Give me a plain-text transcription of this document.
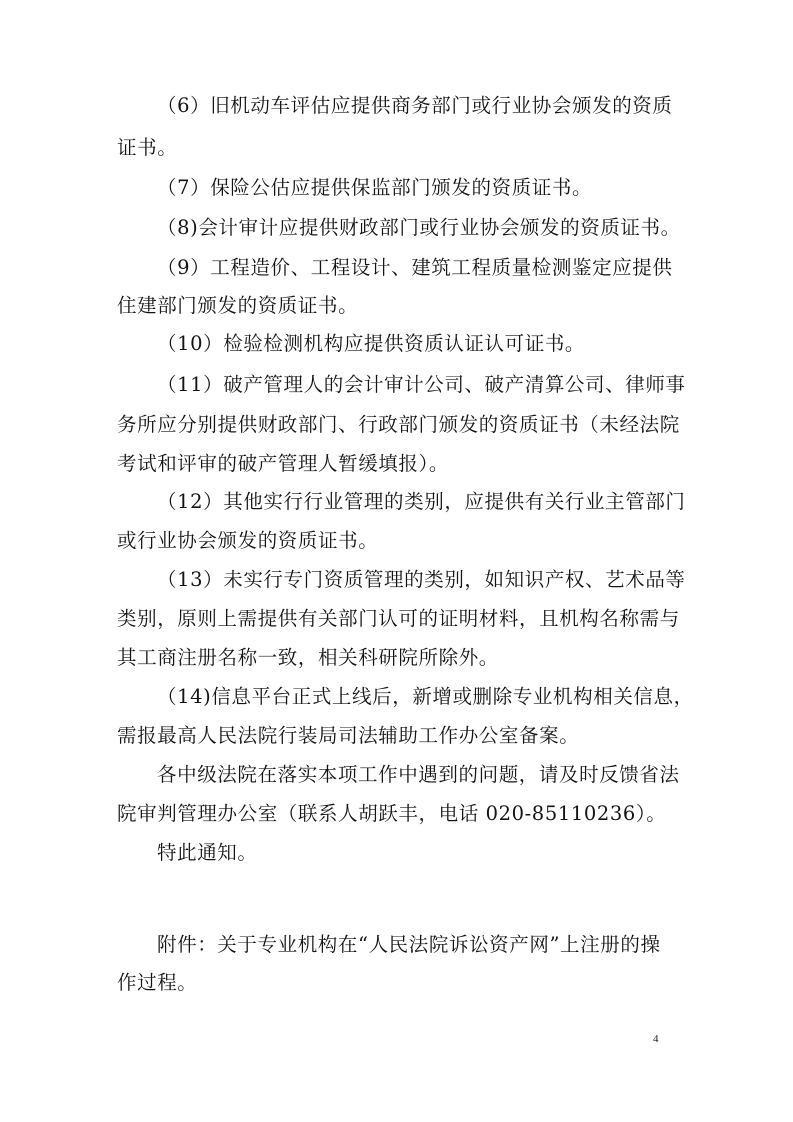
（6）旧机动车评估应提供商务部门或行业协会颁发的资质

证书。

（7）保险公估应提供保监部门颁发的资质证书。

（8)会计审计应提供财政部门或行业协会颁发的资质证书。

（9）工程造价、工程设计、建筑工程质量检测鉴定应提供

住建部门颁发的资质证书。

（10）检验检测机构应提供资质认证认可证书。

（11）破产管理人的会计审计公司、破产清算公司、律师事

务所应分别提供财政部门、行政部门颁发的资质证书（未经法院

考试和评审的破产管理人暂缓填报）。

（12）其他实行行业管理的类别，应提供有关行业主管部门

或行业协会颁发的资质证书。

（13）未实行专门资质管理的类别，如知识产权、艺术品等

类别，原则上需提供有关部门认可的证明材料，且机构名称需与

其工商注册名称一致，相关科研院所除外。

（14)信息平台正式上线后，新增或删除专业机构相关信息，

需报最高人民法院行装局司法辅助工作办公室备案。

各中级法院在落实本项工作中遇到的问题，请及时反馈省法

院审判管理办公室（联系人胡跃丰，电话 020-85110236）。

特此通知。

附件：关于专业机构在“人民法院诉讼资产网”上注册的操

作过程。

4
